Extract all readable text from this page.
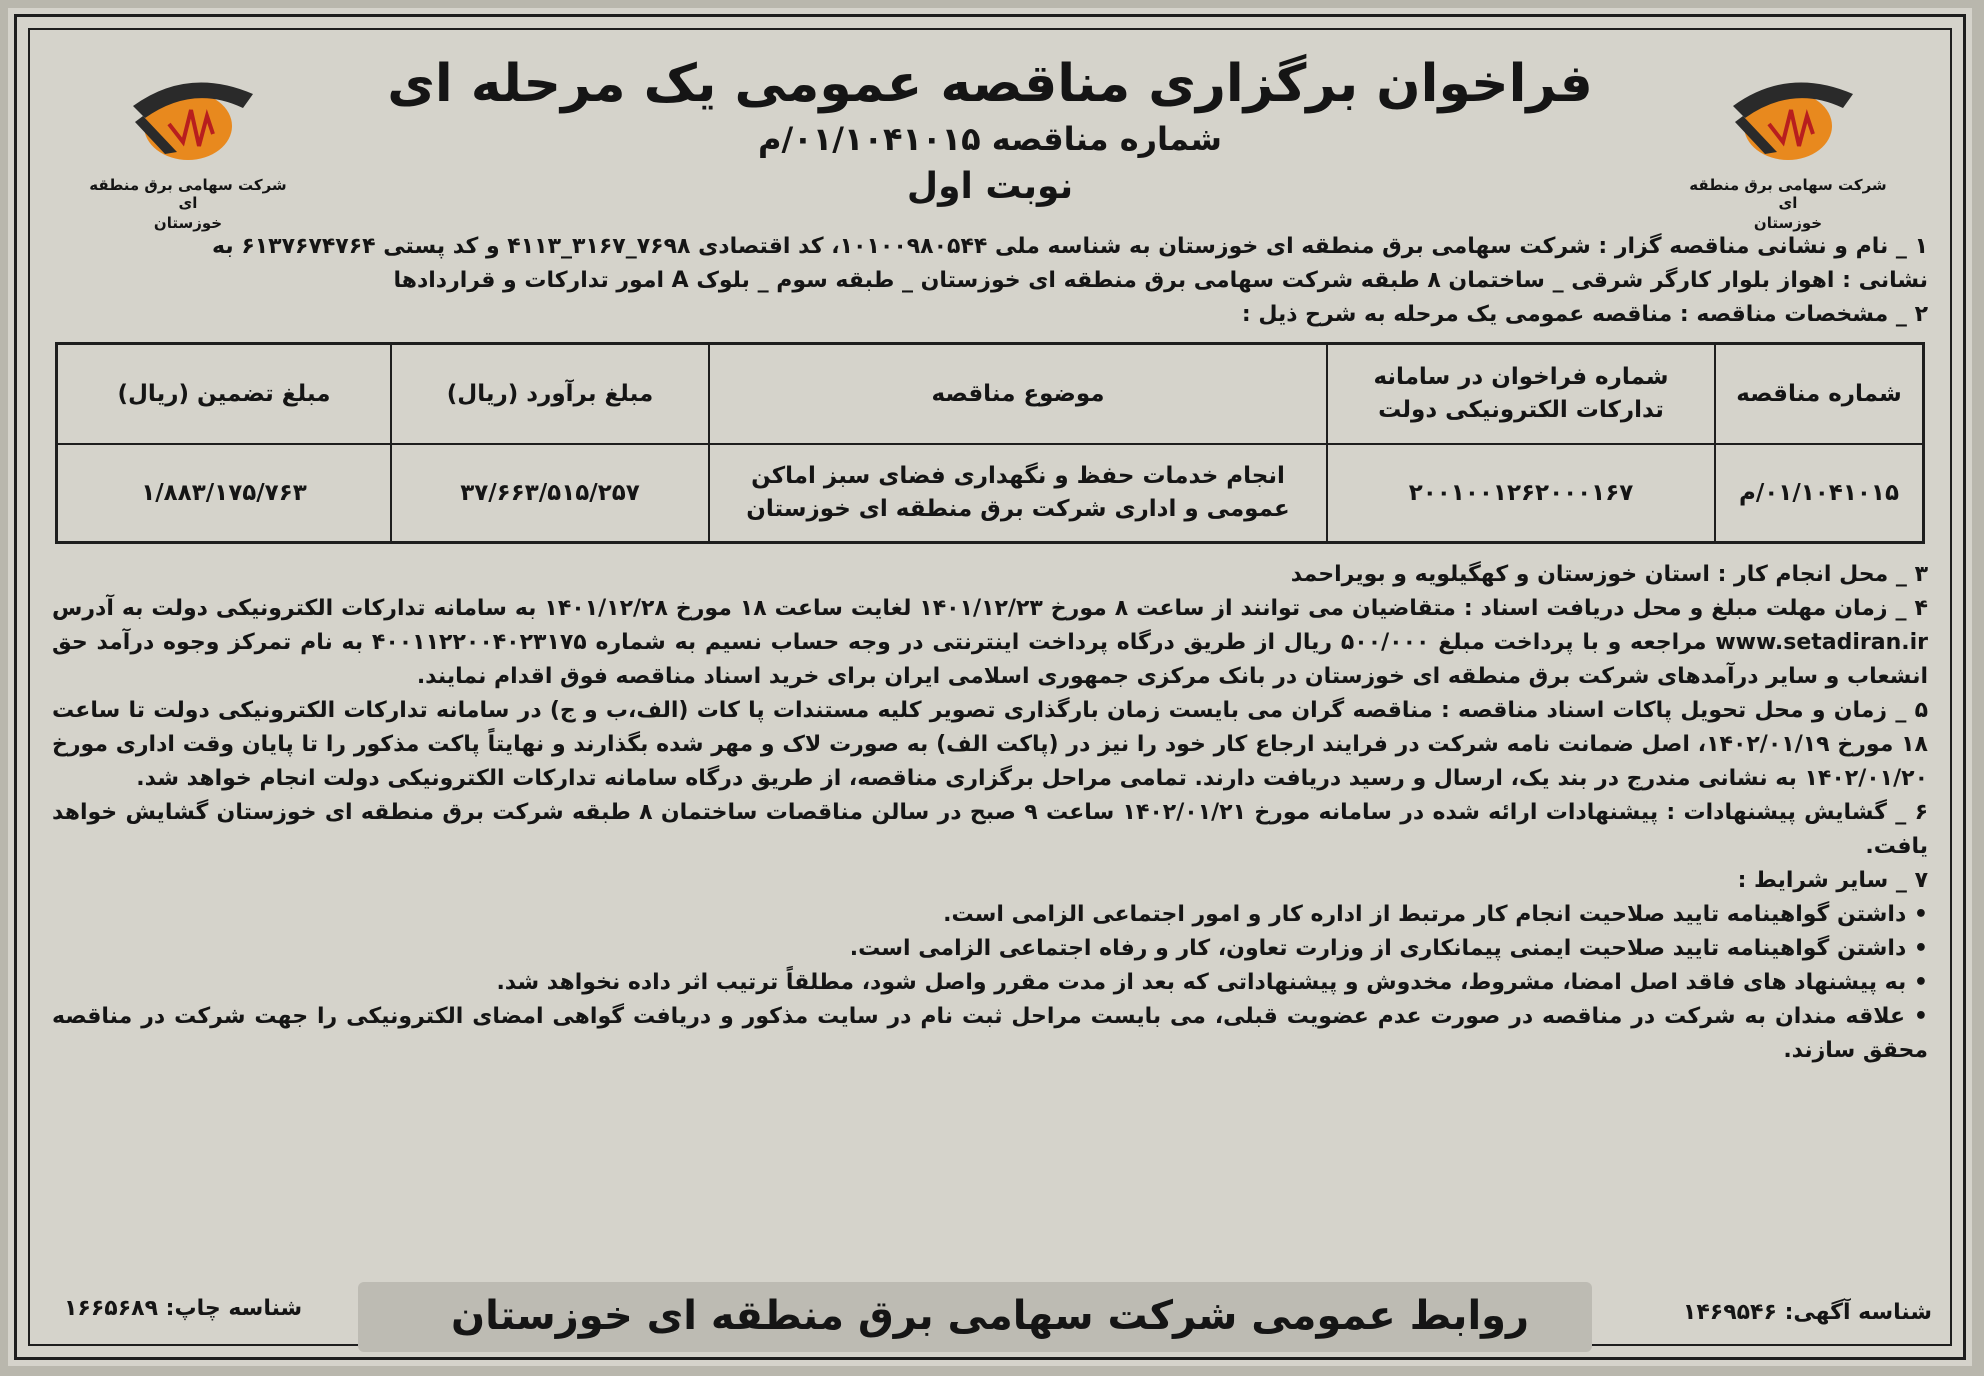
شرکت سهامی برق منطقه ای
خوزستان
شرکت سهامی برق منطقه ای
خوزستان
فراخوان برگزاری مناقصه عمومی یک مرحله ای
شماره مناقصه ۰۱/۱۰۴۱۰۱۵/م
نوبت اول
۱ _ نام و نشانی مناقصه گزار : شرکت سهامی برق منطقه ای خوزستان به شناسه ملی ۱۰۱۰۰۹۸۰۵۴۴، کد اقتصادی ۷۶۹۸_۳۱۶۷_۴۱۱۳ و کد پستی ۶۱۳۷۶۷۴۷۶۴ به
نشانی : اهواز بلوار کارگر شرقی _ ساختمان ۸ طبقه شرکت سهامی برق منطقه ای خوزستان _ طبقه سوم _ بلوک A امور تدارکات و قراردادها
۲ _ مشخصات مناقصه : مناقصه عمومی یک مرحله به شرح ذیل :
شماره مناقصه	شماره فراخوان در سامانه تدارکات الکترونیکی دولت	موضوع مناقصه	مبلغ برآورد (ریال)	مبلغ تضمین (ریال)
۰۱/۱۰۴۱۰۱۵/م	۲۰۰۱۰۰۱۲۶۲۰۰۰۱۶۷	انجام خدمات حفظ و نگهداری فضای سبز اماکن عمومی و اداری شرکت برق منطقه ای خوزستان	۳۷/۶۶۳/۵۱۵/۲۵۷	۱/۸۸۳/۱۷۵/۷۶۳
۳ _ محل انجام کار : استان خوزستان و کهگیلویه و بویراحمد
۴ _ زمان مهلت مبلغ و محل دریافت اسناد : متقاضیان می توانند از ساعت ۸ مورخ ۱۴۰۱/۱۲/۲۳ لغایت ساعت ۱۸ مورخ ۱۴۰۱/۱۲/۲۸ به سامانه تدارکات الکترونیکی دولت به آدرس www.setadiran.ir مراجعه و با پرداخت مبلغ ۵۰۰/۰۰۰ ریال از طریق درگاه پرداخت اینترنتی در وجه حساب نسیم به شماره ۴۰۰۱۱۲۲۰۰۴۰۲۳۱۷۵ به نام تمرکز وجوه درآمد حق انشعاب و سایر درآمدهای شرکت برق منطقه ای خوزستان در بانک مرکزی جمهوری اسلامی ایران برای خرید اسناد مناقصه فوق اقدام نمایند.
۵ _ زمان و محل تحویل پاکات اسناد مناقصه : مناقصه گران می بایست زمان بارگذاری تصویر کلیه مستندات پا کات (الف،ب و ج) در سامانه تدارکات الکترونیکی دولت تا ساعت ۱۸ مورخ ۱۴۰۲/۰۱/۱۹، اصل ضمانت نامه شرکت در فرایند ارجاع کار خود را نیز در (پاکت الف) به صورت لاک و مهر شده بگذارند و نهایتاً پاکت مذکور را تا پایان وقت اداری مورخ ۱۴۰۲/۰۱/۲۰ به نشانی مندرج در بند یک، ارسال و رسید دریافت دارند. تمامی مراحل برگزاری مناقصه، از طریق درگاه سامانه تدارکات الکترونیکی دولت انجام خواهد شد.
۶ _ گشایش پیشنهادات : پیشنهادات ارائه شده در سامانه مورخ ۱۴۰۲/۰۱/۲۱ ساعت ۹ صبح در سالن مناقصات ساختمان ۸ طبقه شرکت برق منطقه ای خوزستان گشایش خواهد یافت.
۷ _ سایر شرایط :
• داشتن گواهینامه تایید صلاحیت انجام کار مرتبط از اداره کار و امور اجتماعی الزامی است.
• داشتن گواهینامه تایید صلاحیت ایمنی پیمانکاری از وزارت تعاون، کار و رفاه اجتماعی الزامی است.
• به پیشنهاد های فاقد اصل امضا، مشروط، مخدوش و پیشنهاداتی که بعد از مدت مقرر واصل شود، مطلقاً ترتیب اثر داده نخواهد شد.
• علاقه مندان به شرکت در مناقصه در صورت عدم عضویت قبلی، می بایست مراحل ثبت نام در سایت مذکور و دریافت گواهی امضای الکترونیکی را جهت شرکت در مناقصه محقق سازند.
روابط عمومی شرکت سهامی برق منطقه ای خوزستان	شناسه آگهی: ۱۴۶۹۵۴۶
شناسه چاپ: ۱۶۶۵۶۸۹
